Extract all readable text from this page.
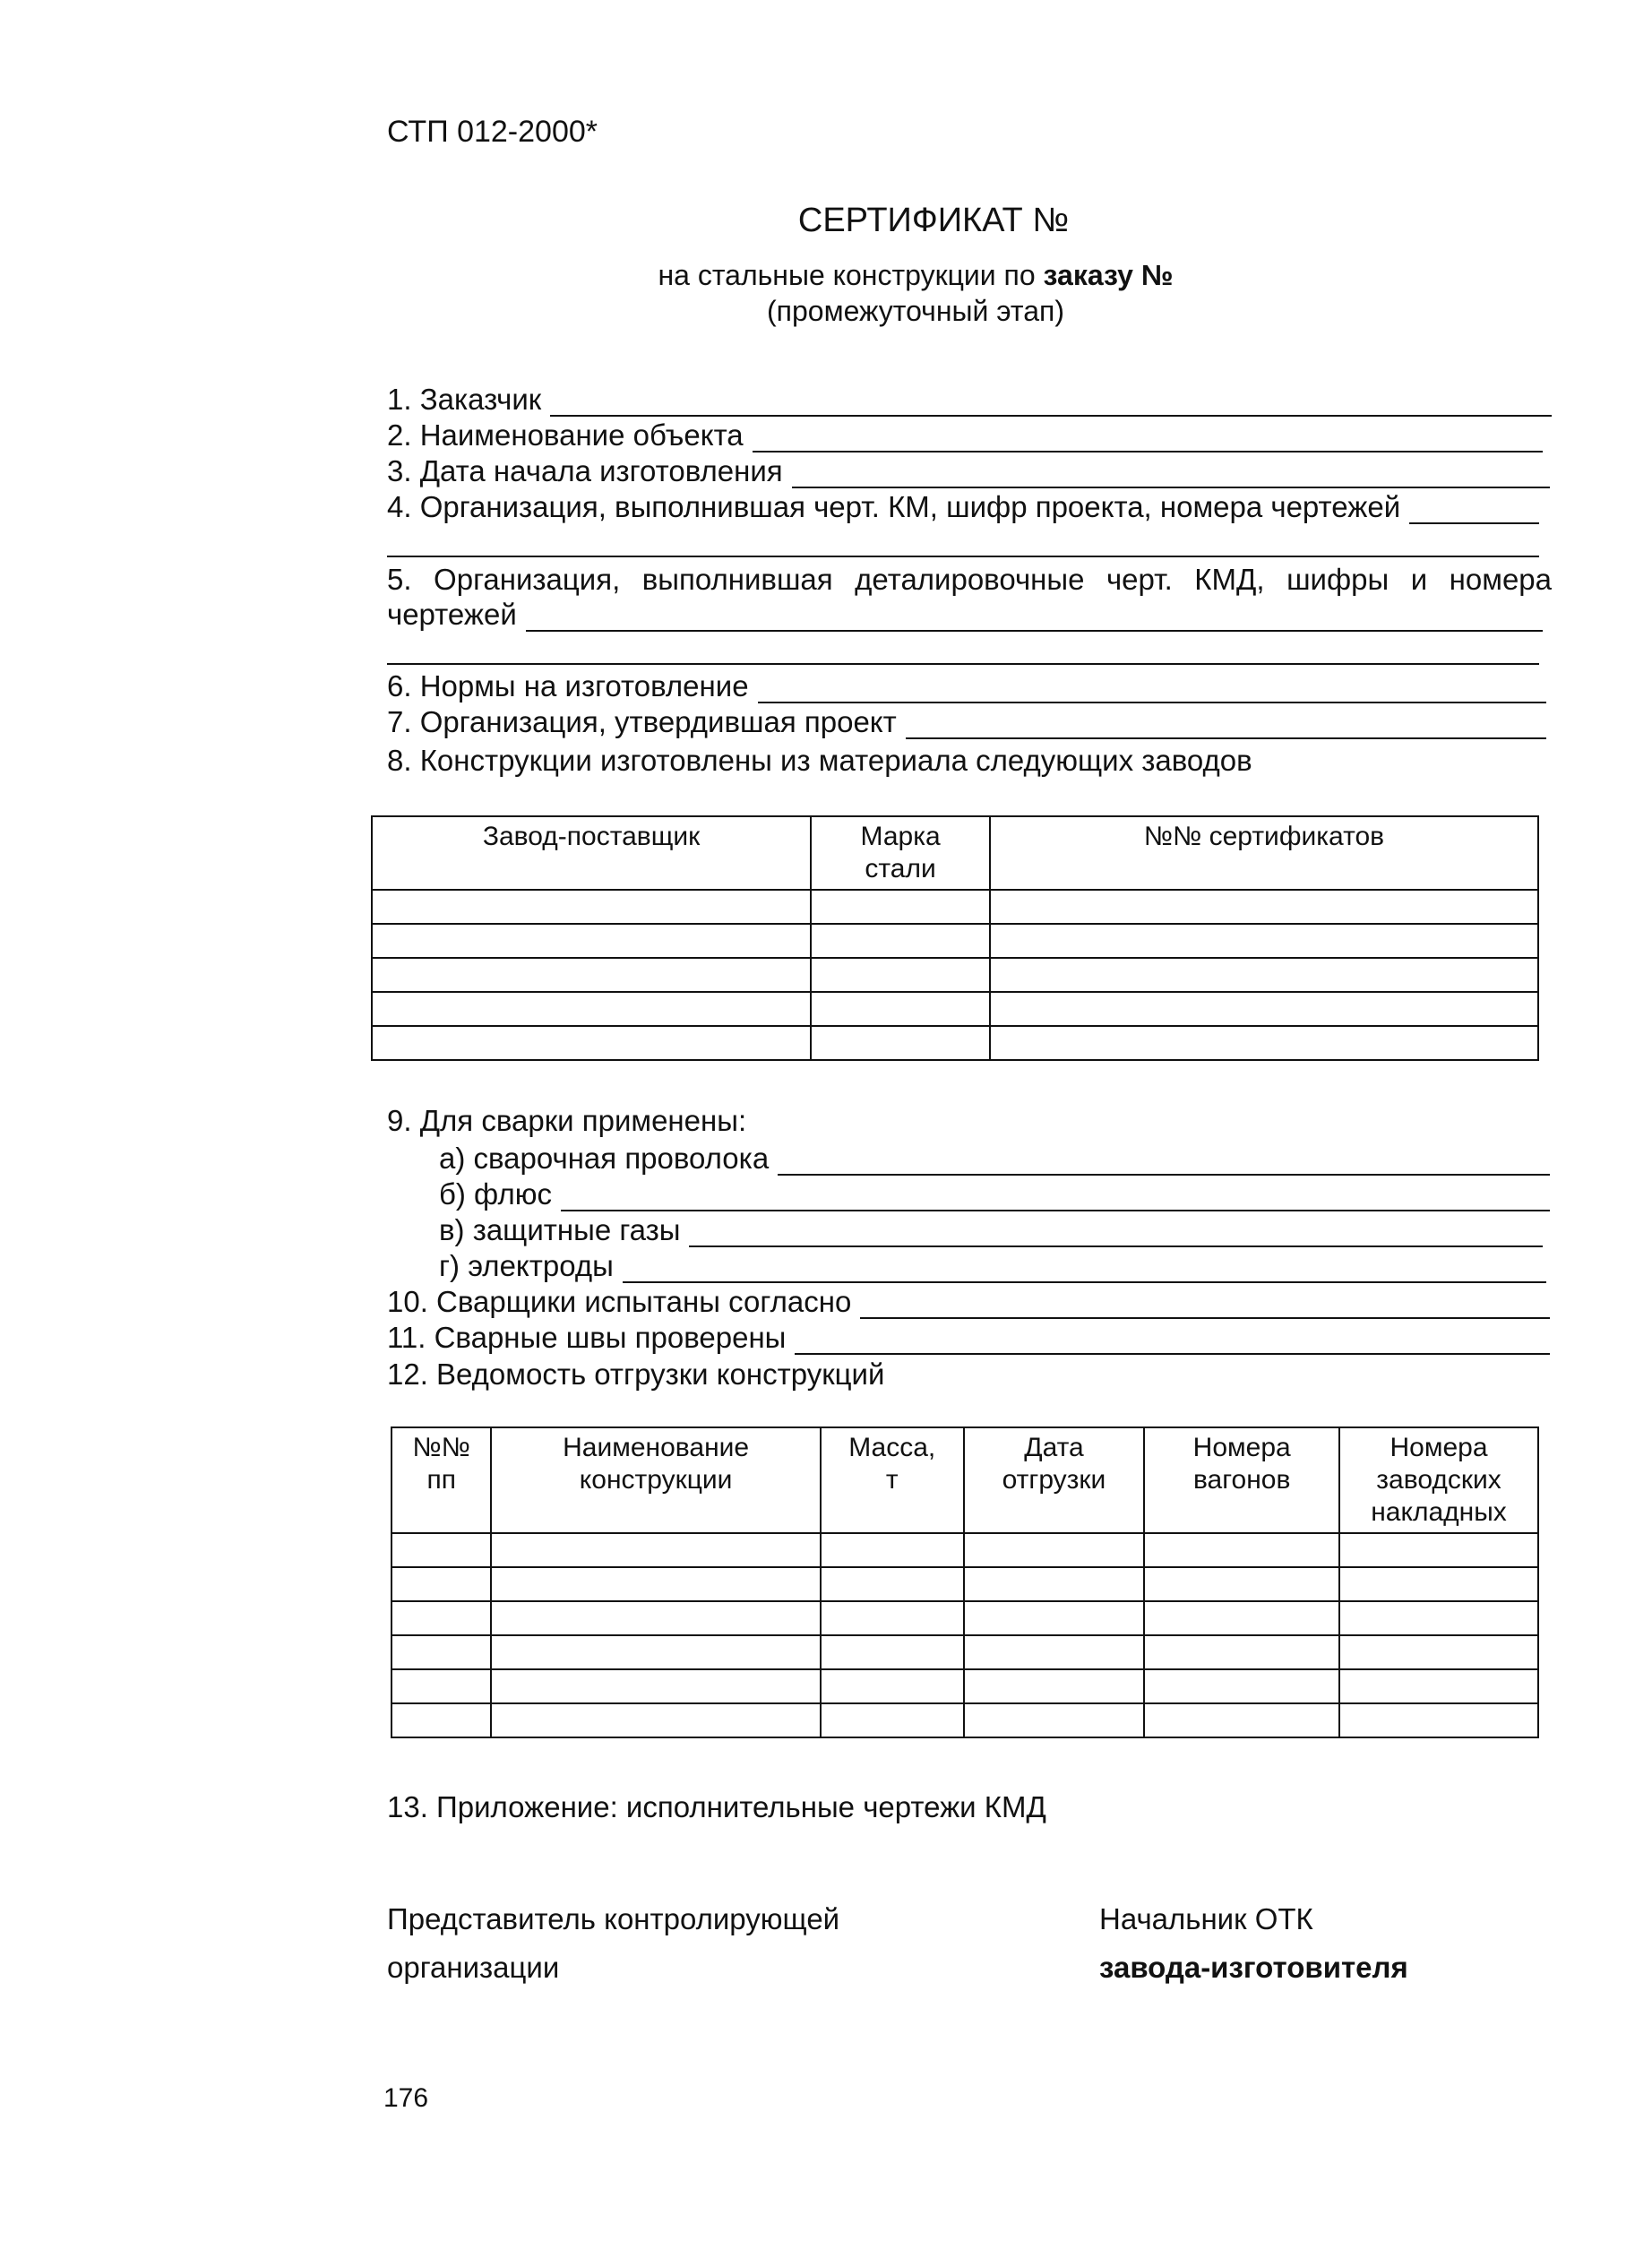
СТП 012-2000*
СЕРТИФИКАТ №
на стальные конструкции по заказу №
(промежуточный этап)
1. Заказчик
2. Наименование объекта
3. Дата начала изготовления
4. Организация, выполнившая черт. КМ, шифр проекта, номера чертежей
5. Организация, выполнившая деталировочные черт. КМД, шифры и номера
чертежей
6. Нормы на изготовление
7. Организация, утвердившая проект
8. Конструкции изготовлены из материала следующих заводов
Завод-поставщик	Марка стали	№№ сертификатов

9. Для сварки применены:
а) сварочная проволока
б) флюс
в) защитные газы
г) электроды
10. Сварщики испытаны согласно
11. Сварные швы проверены
12. Ведомость отгрузки конструкций
№№ пп	Наименование конструкции	Масса, т	Дата отгрузки	Номера вагонов	Номера заводских накладных

13. Приложение: исполнительные чертежи КМД
Представитель контролирующей
организации
Начальник ОТК
завода-изготовителя
176
